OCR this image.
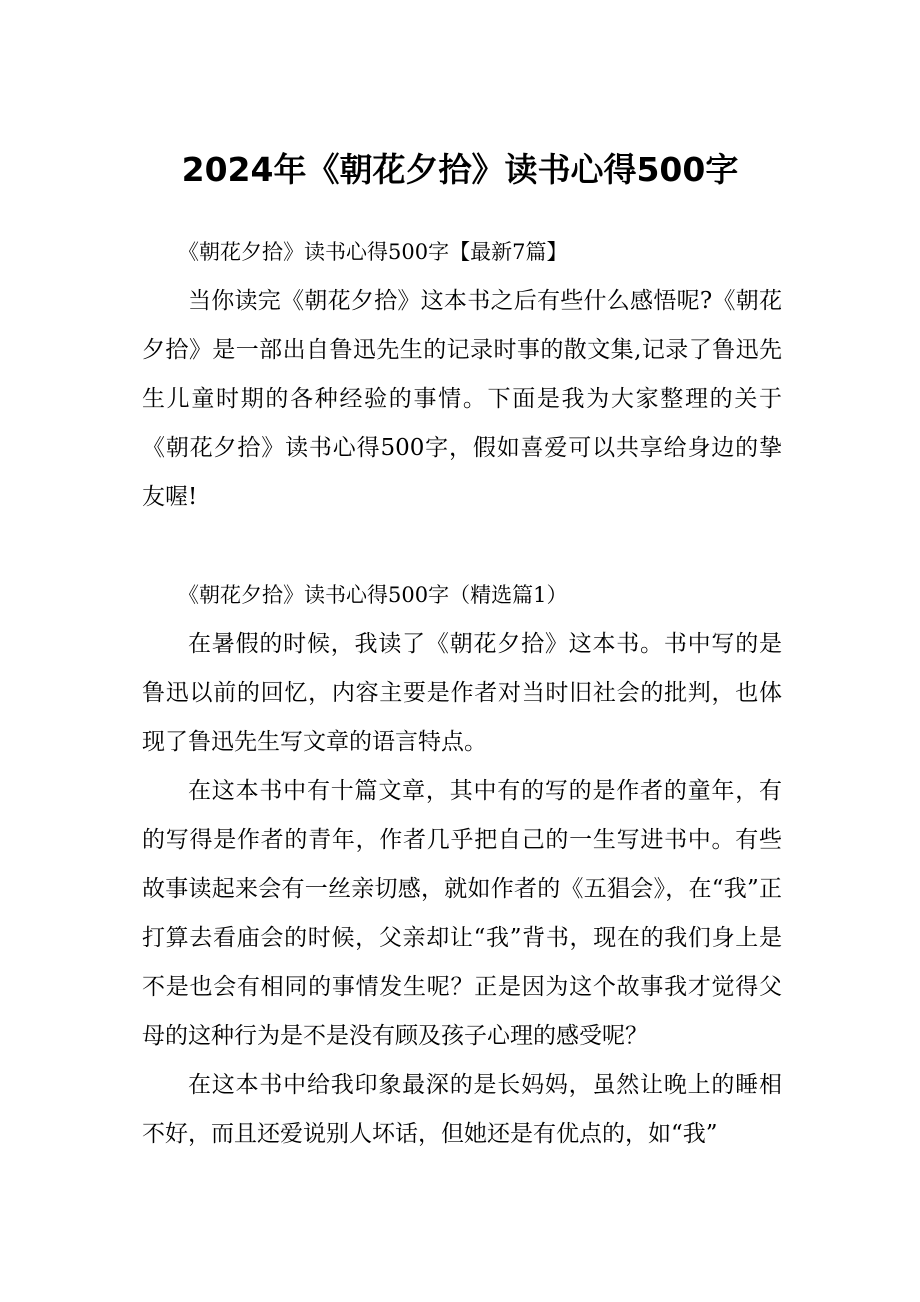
2024年《朝花夕拾》读书心得500字

《朝花夕拾》读书心得500字【最新7篇】

当你读完《朝花夕拾》这本书之后有些什么感悟呢?《朝花夕拾》是一部出自鲁迅先生的记录时事的散文集,记录了鲁迅先生儿童时期的各种经验的事情。下面是我为大家整理的关于《朝花夕拾》读书心得500字，假如喜爱可以共享给身边的挚友喔!

《朝花夕拾》读书心得500字（精选篇1）

在暑假的时候，我读了《朝花夕拾》这本书。书中写的是鲁迅以前的回忆，内容主要是作者对当时旧社会的批判，也体现了鲁迅先生写文章的语言特点。

在这本书中有十篇文章，其中有的写的是作者的童年，有的写得是作者的青年，作者几乎把自己的一生写进书中。有些故事读起来会有一丝亲切感，就如作者的《五猖会》，在“我”正打算去看庙会的时候，父亲却让“我”背书，现在的我们身上是不是也会有相同的事情发生呢？正是因为这个故事我才觉得父母的这种行为是不是没有顾及孩子心理的感受呢？

在这本书中给我印象最深的是长妈妈，虽然让晚上的睡相不好，而且还爱说别人坏话，但她还是有优点的，如“我”
